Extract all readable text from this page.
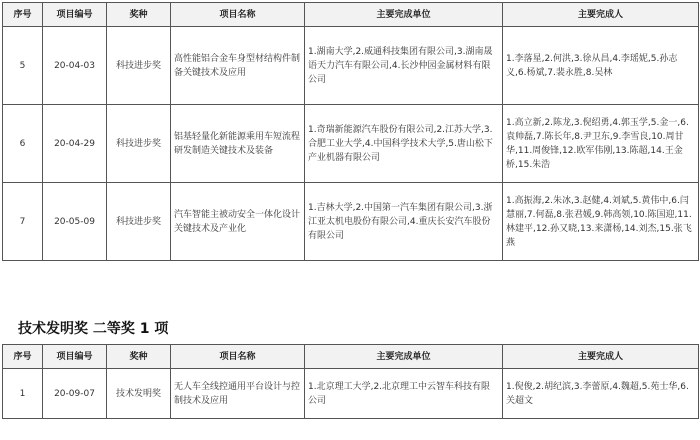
序号	项目编号	奖种	项目名称	主要完成单位	主要完成人
5	20-04-03	科技进步奖	高性能铝合金车身型材结构件制备关键技术及应用	1.湖南大学,2.威通科技集团有限公司,3.湖南晟语天力汽车有限公司,4.长沙仲园金属材料有限公司	1.李落星,2.何洪,3.徐从昌,4.李瑶妮,5.孙志义,6.杨斌,7.裴永胜,8.吴林
6	20-04-29	科技进步奖	铝基轻量化新能源乘用车短流程研发制造关键技术及装备	1.奇瑞新能源汽车股份有限公司,2.江苏大学,3.合肥工业大学,4.中国科学技术大学,5.唐山松下产业机器有限公司	1.高立新,2.陈龙,3.倪绍勇,4.郭玉学,5.金一,6.袁帅磊,7.陈长年,8.尹卫东,9.李雪良,10.周甘华,11.周俊锋,12.欧军伟刚,13.陈超,14.王金桥,15.朱浩
7	20-05-09	科技进步奖	汽车智能主被动安全一体化设计关键技术及产业化	1.吉林大学,2.中国第一汽车集团有限公司,3.浙江亚太机电股份有限公司,4.重庆长安汽车股份有限公司	1.高振海,2.朱冰,3.赵健,4.刘斌,5.黄伟中,6.闫慧丽,7.何磊,8.张君媛,9.韩高领,10.陈国迎,11.林建平,12.孙又晓,13.来潇杨,14.刘杰,15.张飞燕
技术发明奖 二等奖 1 项
序号	项目编号	奖种	项目名称	主要完成单位	主要完成人
1	20-09-07	技术发明奖	无人车全线控通用平台设计与控制技术及应用	1.北京理工大学,2.北京理工中云智车科技有限公司	1.倪俊,2.胡纪滨,3.李蕾原,4.魏超,5.苑士华,6.关超文
